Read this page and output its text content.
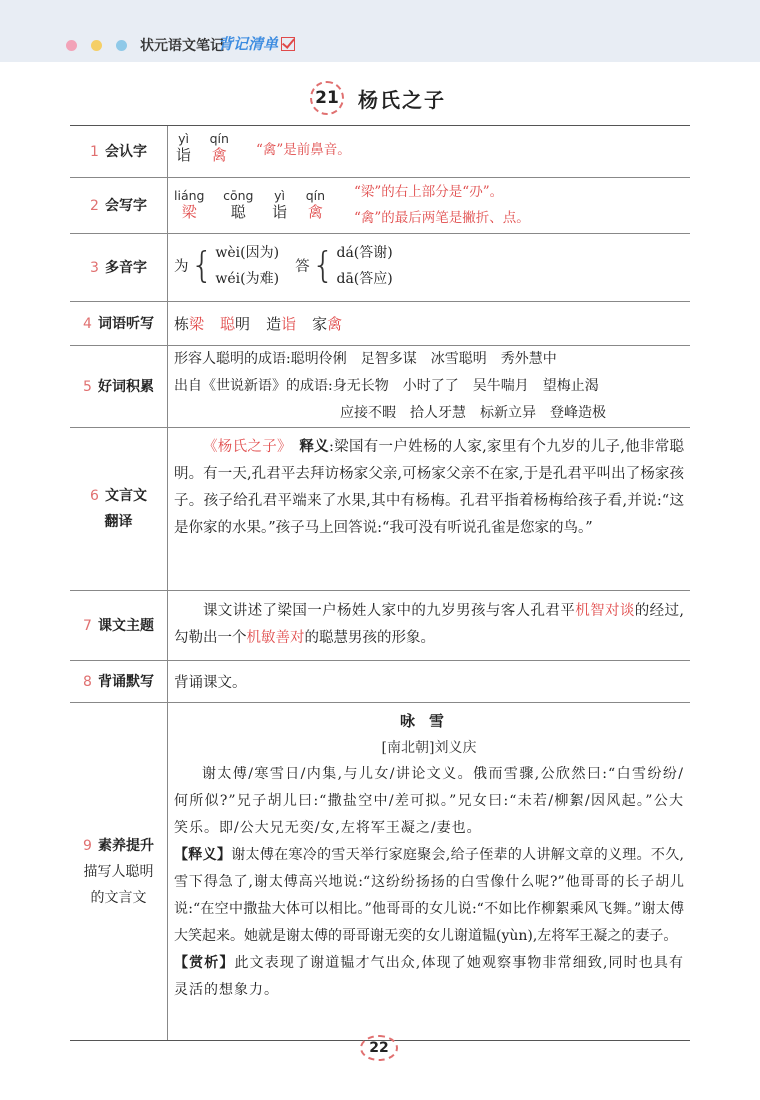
状元语文笔记
背记清单
21 杨氏之子
1 会认字
yì
诣

qín
禽 “禽”是前鼻音。
2 会写字
liáng
梁

cōng
聪

yì
诣

qín
禽
“梁”的右上部分是“刅”。
“禽”的最后两笔是撇折、点。
3 多音字 为 { wèi(因为)
wéi(为难)
答 { dá(答谢)
dā(答应)
4 词语听写 栋梁 聪明 造诣 家禽
5 好词积累
形容人聪明的成语:聪明伶俐　足智多谋　冰雪聪明　秀外慧中
出自《世说新语》的成语:身无长物　小时了了　吴牛喘月　望梅止渴
应接不暇　拾人牙慧　标新立异　登峰造极
6 文言文
翻译

《杨氏之子》　 释义:梁国有一户姓杨的人家,家里有个九岁的儿子,他非常聪明。有一天,孔君平去拜访杨家父亲,可杨家父亲不在家,于是孔君平叫出了杨家孩子。孩子给孔君平端来了水果,其中有杨梅。孔君平指着杨梅给孩子看,并说:“这是你家的水果。”孩子马上回答说:“我可没有听说孔雀是您家的鸟。”

7 课文主题

课文讲述了梁国一户杨姓人家中的九岁男孩与客人孔君平机智对谈的经过,勾勒出一个机敏善对的聪慧男孩的形象。

8 背诵默写 背诵课文。
9 素养提升
描写人聪明
的文言文
咏雪
[南北朝]刘义庆

谢太傅/寒雪日/内集,与儿女/讲论文义。俄而雪骤,公欣然曰:“白雪纷纷/何所似?”兄子胡儿曰:“撒盐空中/差可拟。”兄女曰:“未若/柳絮/因风起。”公大笑乐。即/公大兄无奕/女,左将军王凝之/妻也。

【释义】谢太傅在寒冷的雪天举行家庭聚会,给子侄辈的人讲解文章的义理。不久,雪下得急了,谢太傅高兴地说:“这纷纷扬扬的白雪像什么呢?”他哥哥的长子胡儿说:“在空中撒盐大体可以相比。”他哥哥的女儿说:“不如比作柳絮乘风飞舞。”谢太傅大笑起来。她就是谢太傅的哥哥谢无奕的女儿谢道韫(yùn),左将军王凝之的妻子。

【赏析】此文表现了谢道韫才气出众,体现了她观察事物非常细致,同时也具有灵活的想象力。

22
